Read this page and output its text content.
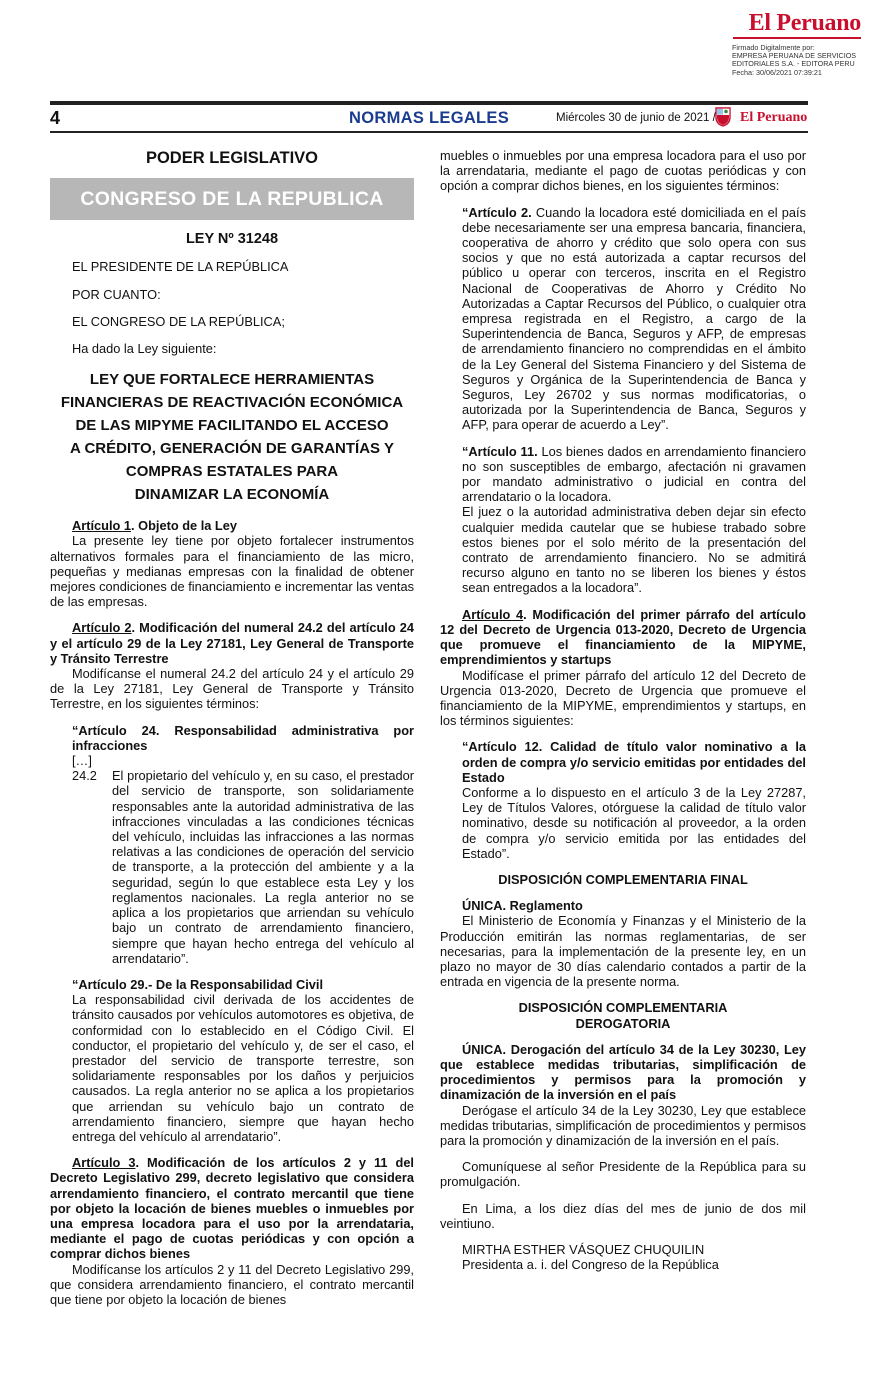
El Peruano
Firmado Digitalmente por:
EMPRESA PERUANA DE SERVICIOS
EDITORIALES S.A. - EDITORA PERU
Fecha: 30/06/2021 07:39:21
4	NORMAS LEGALES	Miércoles 30 de junio de 2021 / El Peruano
PODER LEGISLATIVO
CONGRESO DE LA REPUBLICA
LEY Nº 31248

EL PRESIDENTE DE LA REPÚBLICA

POR CUANTO:

EL CONGRESO DE LA REPÚBLICA;

Ha dado la Ley siguiente:

LEY QUE FORTALECE HERRAMIENTAS
FINANCIERAS DE REACTIVACIÓN ECONÓMICA
DE LAS MIPYME FACILITANDO EL ACCESO
A CRÉDITO, GENERACIÓN DE GARANTÍAS Y
COMPRAS ESTATALES PARA
DINAMIZAR LA ECONOMÍA

Artículo 1. Objeto de la Ley

La presente ley tiene por objeto fortalecer instrumentos alternativos formales para el financiamiento de las micro, pequeñas y medianas empresas con la finalidad de obtener mejores condiciones de financiamiento e incrementar las ventas de las empresas.

Artículo 2. Modificación del numeral 24.2 del artículo 24 y el artículo 29 de la Ley 27181, Ley General de Transporte y Tránsito Terrestre

Modifícanse el numeral 24.2 del artículo 24 y el artículo 29 de la Ley 27181, Ley General de Transporte y Tránsito Terrestre, en los siguientes términos:

“Artículo 24. Responsabilidad administrativa por infracciones

[…]

24.2	El propietario del vehículo y, en su caso, el prestador del servicio de transporte, son solidariamente responsables ante la autoridad administrativa de las infracciones vinculadas a las condiciones técnicas del vehículo, incluidas las infracciones a las normas relativas a las condiciones de operación del servicio de transporte, a la protección del ambiente y a la seguridad, según lo que establece esta Ley y los reglamentos nacionales. La regla anterior no se aplica a los propietarios que arriendan su vehículo bajo un contrato de arrendamiento financiero, siempre que hayan hecho entrega del vehículo al arrendatario”.

“Artículo 29.- De la Responsabilidad Civil

La responsabilidad civil derivada de los accidentes de tránsito causados por vehículos automotores es objetiva, de conformidad con lo establecido en el Código Civil. El conductor, el propietario del vehículo y, de ser el caso, el prestador del servicio de transporte terrestre, son solidariamente responsables por los daños y perjuicios causados. La regla anterior no se aplica a los propietarios que arriendan su vehículo bajo un contrato de arrendamiento financiero, siempre que hayan hecho entrega del vehículo al arrendatario”.

Artículo 3. Modificación de los artículos 2 y 11 del Decreto Legislativo 299, decreto legislativo que considera arrendamiento financiero, el contrato mercantil que tiene por objeto la locación de bienes muebles o inmuebles por una empresa locadora para el uso por la arrendataria, mediante el pago de cuotas periódicas y con opción a comprar dichos bienes

Modifícanse los artículos 2 y 11 del Decreto Legislativo 299, que considera arrendamiento financiero, el contrato mercantil que tiene por objeto la locación de bienes

muebles o inmuebles por una empresa locadora para el uso por la arrendataria, mediante el pago de cuotas periódicas y con opción a comprar dichos bienes, en los siguientes términos:

“Artículo 2. Cuando la locadora esté domiciliada en el país debe necesariamente ser una empresa bancaria, financiera, cooperativa de ahorro y crédito que solo opera con sus socios y que no está autorizada a captar recursos del público u operar con terceros, inscrita en el Registro Nacional de Cooperativas de Ahorro y Crédito No Autorizadas a Captar Recursos del Público, o cualquier otra empresa registrada en el Registro, a cargo de la Superintendencia de Banca, Seguros y AFP, de empresas de arrendamiento financiero no comprendidas en el ámbito de la Ley General del Sistema Financiero y del Sistema de Seguros y Orgánica de la Superintendencia de Banca y Seguros, Ley 26702 y sus normas modificatorias, o autorizada por la Superintendencia de Banca, Seguros y AFP, para operar de acuerdo a Ley”.

“Artículo 11. Los bienes dados en arrendamiento financiero no son susceptibles de embargo, afectación ni gravamen por mandato administrativo o judicial en contra del arrendatario o la locadora.

El juez o la autoridad administrativa deben dejar sin efecto cualquier medida cautelar que se hubiese trabado sobre estos bienes por el solo mérito de la presentación del contrato de arrendamiento financiero. No se admitirá recurso alguno en tanto no se liberen los bienes y éstos sean entregados a la locadora”.

Artículo 4. Modificación del primer párrafo del artículo 12 del Decreto de Urgencia 013-2020, Decreto de Urgencia que promueve el financiamiento de la MIPYME, emprendimientos y startups

Modifícase el primer párrafo del artículo 12 del Decreto de Urgencia 013-2020, Decreto de Urgencia que promueve el financiamiento de la MIPYME, emprendimientos y startups, en los términos siguientes:

“Artículo 12. Calidad de título valor nominativo a la orden de compra y/o servicio emitidas por entidades del Estado

Conforme a lo dispuesto en el artículo 3 de la Ley 27287, Ley de Títulos Valores, otórguese la calidad de título valor nominativo, desde su notificación al proveedor, a la orden de compra y/o servicio emitida por las entidades del Estado”.

DISPOSICIÓN COMPLEMENTARIA FINAL

ÚNICA. Reglamento

El Ministerio de Economía y Finanzas y el Ministerio de la Producción emitirán las normas reglamentarias, de ser necesarias, para la implementación de la presente ley, en un plazo no mayor de 30 días calendario contados a partir de la entrada en vigencia de la presente norma.

DISPOSICIÓN COMPLEMENTARIA
DEROGATORIA

ÚNICA. Derogación del artículo 34 de la Ley 30230, Ley que establece medidas tributarias, simplificación de procedimientos y permisos para la promoción y dinamización de la inversión en el país

Derógase el artículo 34 de la Ley 30230, Ley que establece medidas tributarias, simplificación de procedimientos y permisos para la promoción y dinamización de la inversión en el país.

Comuníquese al señor Presidente de la República para su promulgación.

En Lima, a los diez días del mes de junio de dos mil veintiuno.

MIRTHA ESTHER VÁSQUEZ CHUQUILIN

Presidenta a. i. del Congreso de la República
